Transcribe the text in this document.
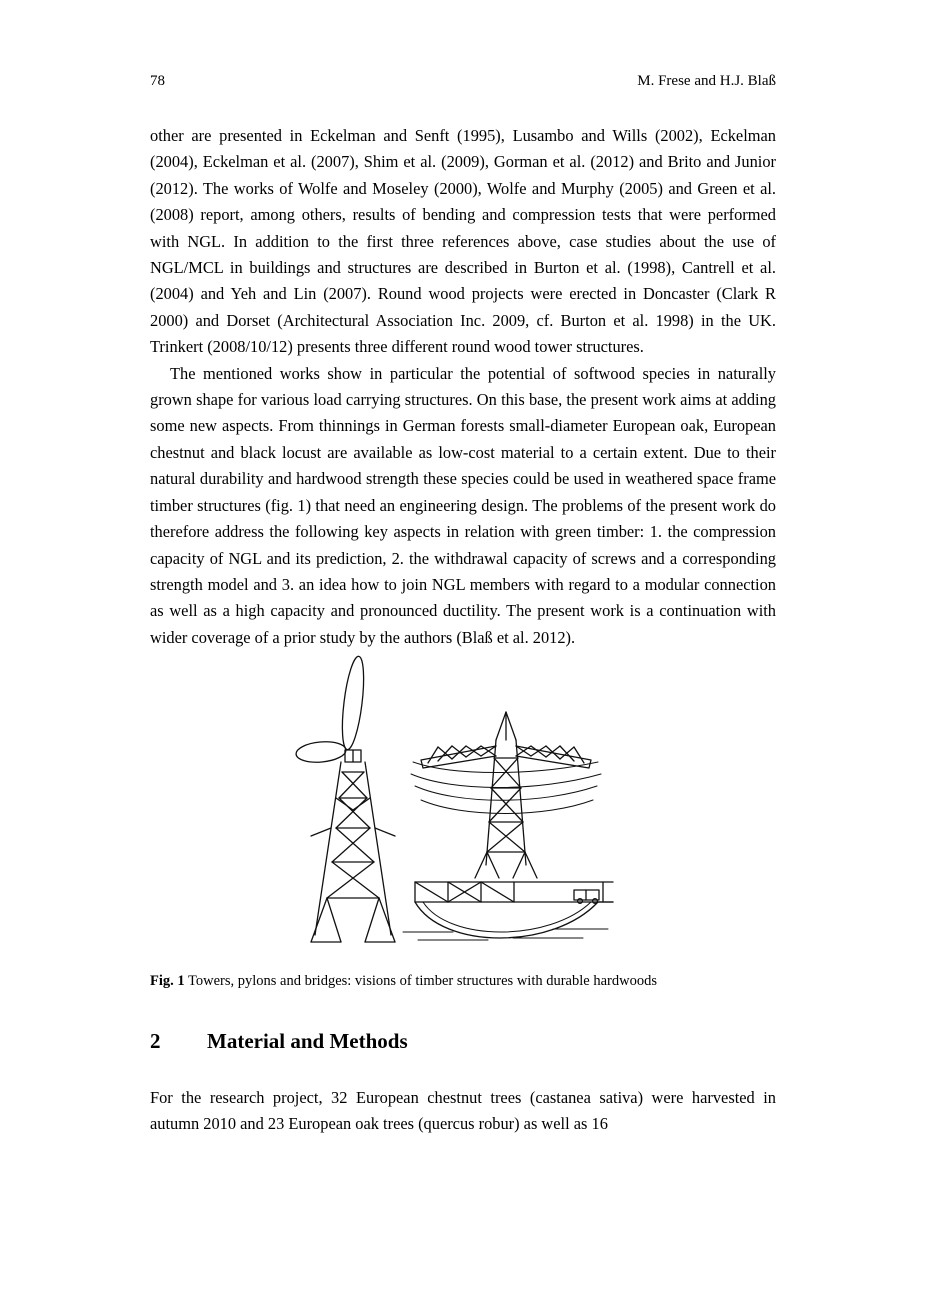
78	M. Frese and H.J. Blaß

other are presented in Eckelman and Senft (1995), Lusambo and Wills (2002), Eckelman (2004), Eckelman et al. (2007), Shim et al. (2009), Gorman et al. (2012) and Brito and Junior (2012). The works of Wolfe and Moseley (2000), Wolfe and Murphy (2005) and Green et al. (2008) report, among others, results of bending and compression tests that were performed with NGL. In addition to the first three references above, case studies about the use of NGL/MCL in buildings and structures are described in Burton et al. (1998), Cantrell et al. (2004) and Yeh and Lin (2007). Round wood projects were erected in Doncaster (Clark R 2000) and Dorset (Architectural Association Inc. 2009, cf. Burton et al. 1998) in the UK. Trinkert (2008/10/12) presents three different round wood tower structures.

The mentioned works show in particular the potential of softwood species in naturally grown shape for various load carrying structures. On this base, the present work aims at adding some new aspects. From thinnings in German forests small-diameter European oak, European chestnut and black locust are available as low-cost material to a certain extent. Due to their natural durability and hardwood strength these species could be used in weathered space frame timber structures (fig. 1) that need an engineering design. The problems of the present work do therefore address the following key aspects in relation with green timber: 1. the compression capacity of NGL and its prediction, 2. the withdrawal capacity of screws and a corresponding strength model and 3. an idea how to join NGL members with regard to a modular connection as well as a high capacity and pronounced ductility. The present work is a continuation with wider coverage of a prior study by the authors (Blaß et al. 2012).

Fig. 1 Towers, pylons and bridges: visions of timber structures with durable hardwoods
2 Material and Methods

For the research project, 32 European chestnut trees (castanea sativa) were harvested in autumn 2010 and 23 European oak trees (quercus robur) as well as 16
